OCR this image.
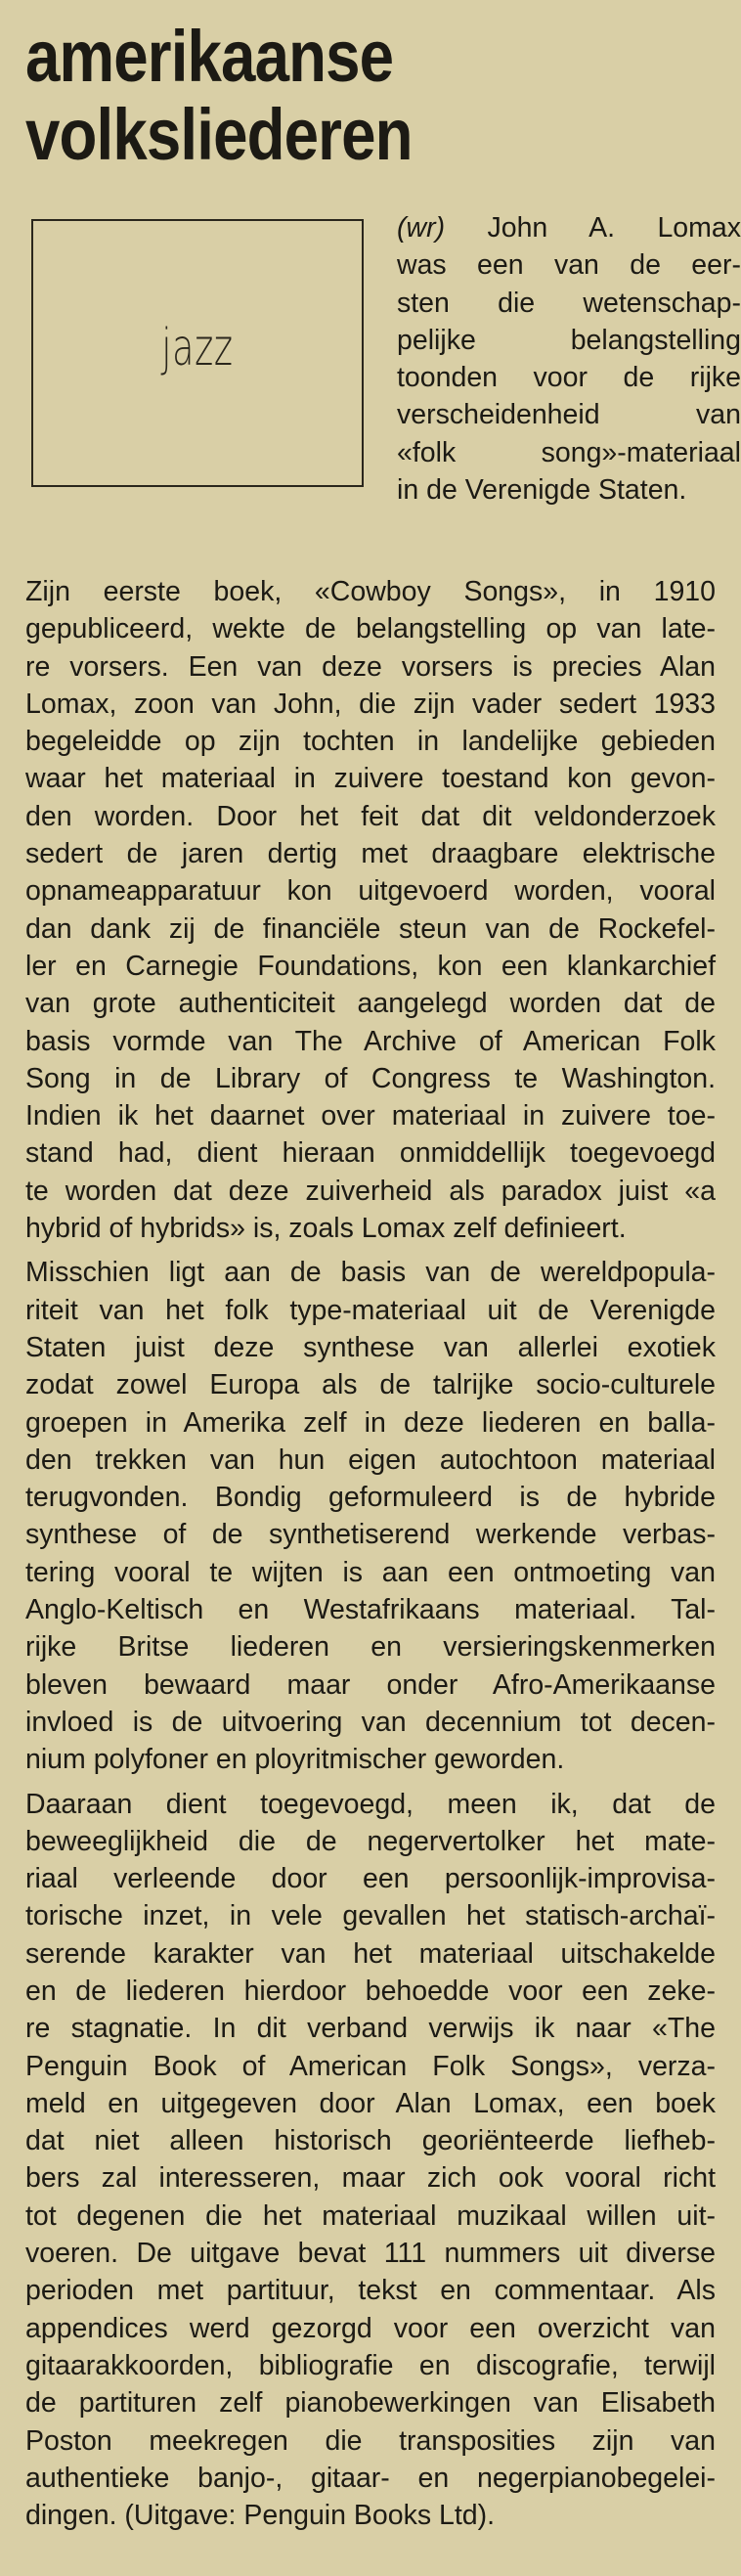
amerikaanse
volksliederen
jazz
(wr) John A. Lomax
was een van de eer-
sten die wetenschap-
pelijke belangstelling
toonden voor de rijke
verscheidenheid van
«folk song»-materiaal
in de Verenigde Staten.
Zijn eerste boek, «Cowboy Songs», in 1910
gepubliceerd, wekte de belangstelling op van late-
re vorsers. Een van deze vorsers is precies Alan
Lomax, zoon van John, die zijn vader sedert 1933
begeleidde op zijn tochten in landelijke gebieden
waar het materiaal in zuivere toestand kon gevon-
den worden. Door het feit dat dit veldonderzoek
sedert de jaren dertig met draagbare elektrische
opnameapparatuur kon uitgevoerd worden, vooral
dan dank zij de financiële steun van de Rockefel-
ler en Carnegie Foundations, kon een klankarchief
van grote authenticiteit aangelegd worden dat de
basis vormde van The Archive of American Folk
Song in de Library of Congress te Washington.
Indien ik het daarnet over materiaal in zuivere toe-
stand had, dient hieraan onmiddellijk toegevoegd
te worden dat deze zuiverheid als paradox juist «a
hybrid of hybrids» is, zoals Lomax zelf definieert.
Misschien ligt aan de basis van de wereldpopula-
riteit van het folk type-materiaal uit de Verenigde
Staten juist deze synthese van allerlei exotiek
zodat zowel Europa als de talrijke socio-culturele
groepen in Amerika zelf in deze liederen en balla-
den trekken van hun eigen autochtoon materiaal
terugvonden. Bondig geformuleerd is de hybride
synthese of de synthetiserend werkende verbas-
tering vooral te wijten is aan een ontmoeting van
Anglo-Keltisch en Westafrikaans materiaal. Tal-
rijke Britse liederen en versieringskenmerken
bleven bewaard maar onder Afro-Amerikaanse
invloed is de uitvoering van decennium tot decen-
nium polyfoner en ployritmischer geworden.
Daaraan dient toegevoegd, meen ik, dat de
beweeglijkheid die de negervertolker het mate-
riaal verleende door een persoonlijk-improvisa-
torische inzet, in vele gevallen het statisch-archaï-
serende karakter van het materiaal uitschakelde
en de liederen hierdoor behoedde voor een zeke-
re stagnatie. In dit verband verwijs ik naar «The
Penguin Book of American Folk Songs», verza-
meld en uitgegeven door Alan Lomax, een boek
dat niet alleen historisch georiënteerde liefheb-
bers zal interesseren, maar zich ook vooral richt
tot degenen die het materiaal muzikaal willen uit-
voeren. De uitgave bevat 111 nummers uit diverse
perioden met partituur, tekst en commentaar. Als
appendices werd gezorgd voor een overzicht van
gitaarakkoorden, bibliografie en discografie, terwijl
de partituren zelf pianobewerkingen van Elisabeth
Poston meekregen die transposities zijn van
authentieke banjo-, gitaar- en negerpianobegelei-
dingen. (Uitgave: Penguin Books Ltd).
